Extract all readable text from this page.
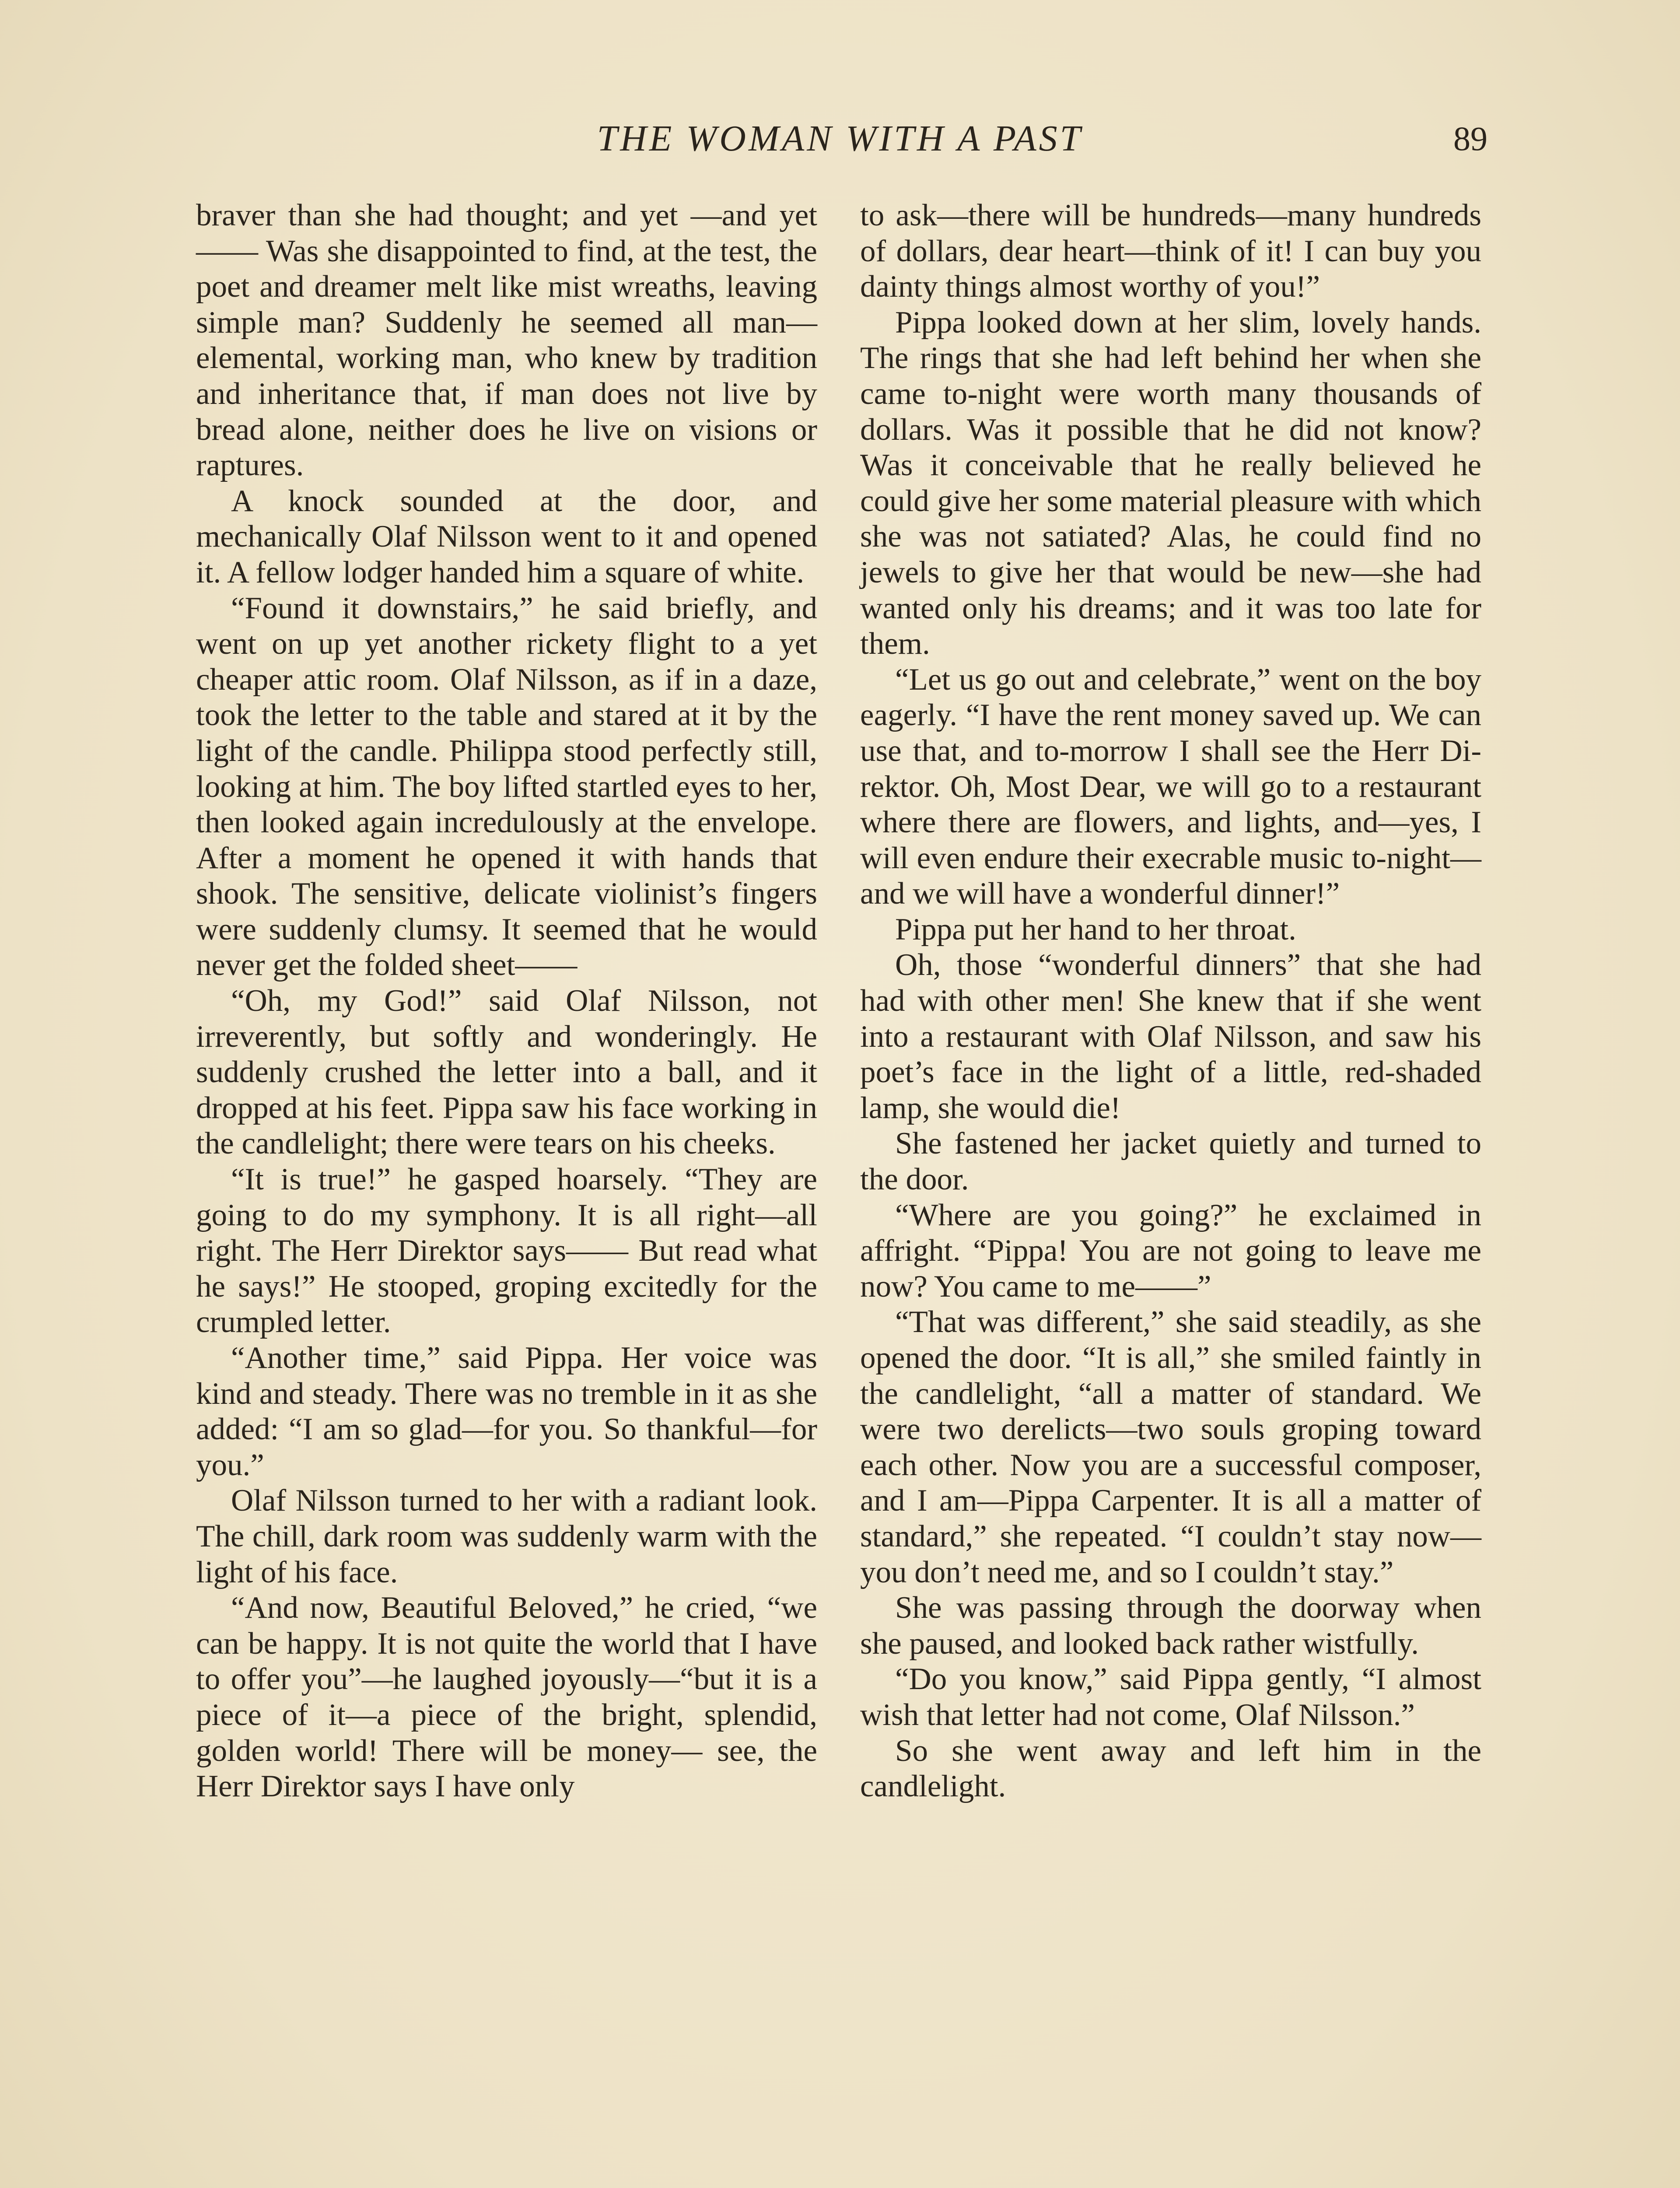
THE WOMAN WITH A PAST	89

braver than she had thought; and yet —and yet—— Was she disappointed to find, at the test, the poet and dreamer melt like mist wreaths, leaving simple man? Suddenly he seemed all man— elemental, working man, who knew by tradition and inheritance that, if man does not live by bread alone, neither does he live on visions or raptures.

A knock sounded at the door, and mechanically Olaf Nilsson went to it and opened it. A fellow lodger handed him a square of white.

“Found it downstairs,” he said briefly, and went on up yet another rickety flight to a yet cheaper attic room. Olaf Nilsson, as if in a daze, took the letter to the table and stared at it by the light of the candle. Philippa stood perfectly still, looking at him. The boy lifted startled eyes to her, then looked again incredulously at the envelope. After a moment he opened it with hands that shook. The sensitive, delicate violinist’s fingers were suddenly clumsy. It seemed that he would never get the folded sheet——

“Oh, my God!” said Olaf Nilsson, not irreverently, but softly and wonderingly. He suddenly crushed the letter into a ball, and it dropped at his feet. Pippa saw his face working in the candlelight; there were tears on his cheeks.

“It is true!” he gasped hoarsely. “They are going to do my symphony. It is all right—all right. The Herr Direktor says—— But read what he says!” He stooped, groping excitedly for the crumpled letter.

“Another time,” said Pippa. Her voice was kind and steady. There was no tremble in it as she added: “I am so glad—for you. So thankful—for you.”

Olaf Nilsson turned to her with a radiant look. The chill, dark room was suddenly warm with the light of his face.

“And now, Beautiful Beloved,” he cried, “we can be happy. It is not quite the world that I have to offer you”—he laughed joyously—“but it is a piece of it—a piece of the bright, splendid, golden world! There will be money— see, the Herr Direktor says I have only

to ask—there will be hundreds—many hundreds of dollars, dear heart—think of it! I can buy you dainty things almost worthy of you!”

Pippa looked down at her slim, lovely hands. The rings that she had left behind her when she came to-night were worth many thousands of dollars. Was it possible that he did not know? Was it conceivable that he really believed he could give her some material pleasure with which she was not satiated? Alas, he could find no jewels to give her that would be new—she had wanted only his dreams; and it was too late for them.

“Let us go out and celebrate,” went on the boy eagerly. “I have the rent money saved up. We can use that, and to-morrow I shall see the Herr Direktor. Oh, Most Dear, we will go to a restaurant where there are flowers, and lights, and—yes, I will even endure their execrable music to-night—and we will have a wonderful dinner!”

Pippa put her hand to her throat.

Oh, those “wonderful dinners” that she had had with other men! She knew that if she went into a restaurant with Olaf Nilsson, and saw his poet’s face in the light of a little, red-shaded lamp, she would die!

She fastened her jacket quietly and turned to the door.

“Where are you going?” he exclaimed in affright. “Pippa! You are not going to leave me now? You came to me——”

“That was different,” she said steadily, as she opened the door. “It is all,” she smiled faintly in the candlelight, “all a matter of standard. We were two derelicts—two souls groping toward each other. Now you are a successful composer, and I am—Pippa Carpenter. It is all a matter of standard,” she repeated. “I couldn’t stay now—you don’t need me, and so I couldn’t stay.”

She was passing through the doorway when she paused, and looked back rather wistfully.

“Do you know,” said Pippa gently, “I almost wish that letter had not come, Olaf Nilsson.”

So she went away and left him in the candlelight.
